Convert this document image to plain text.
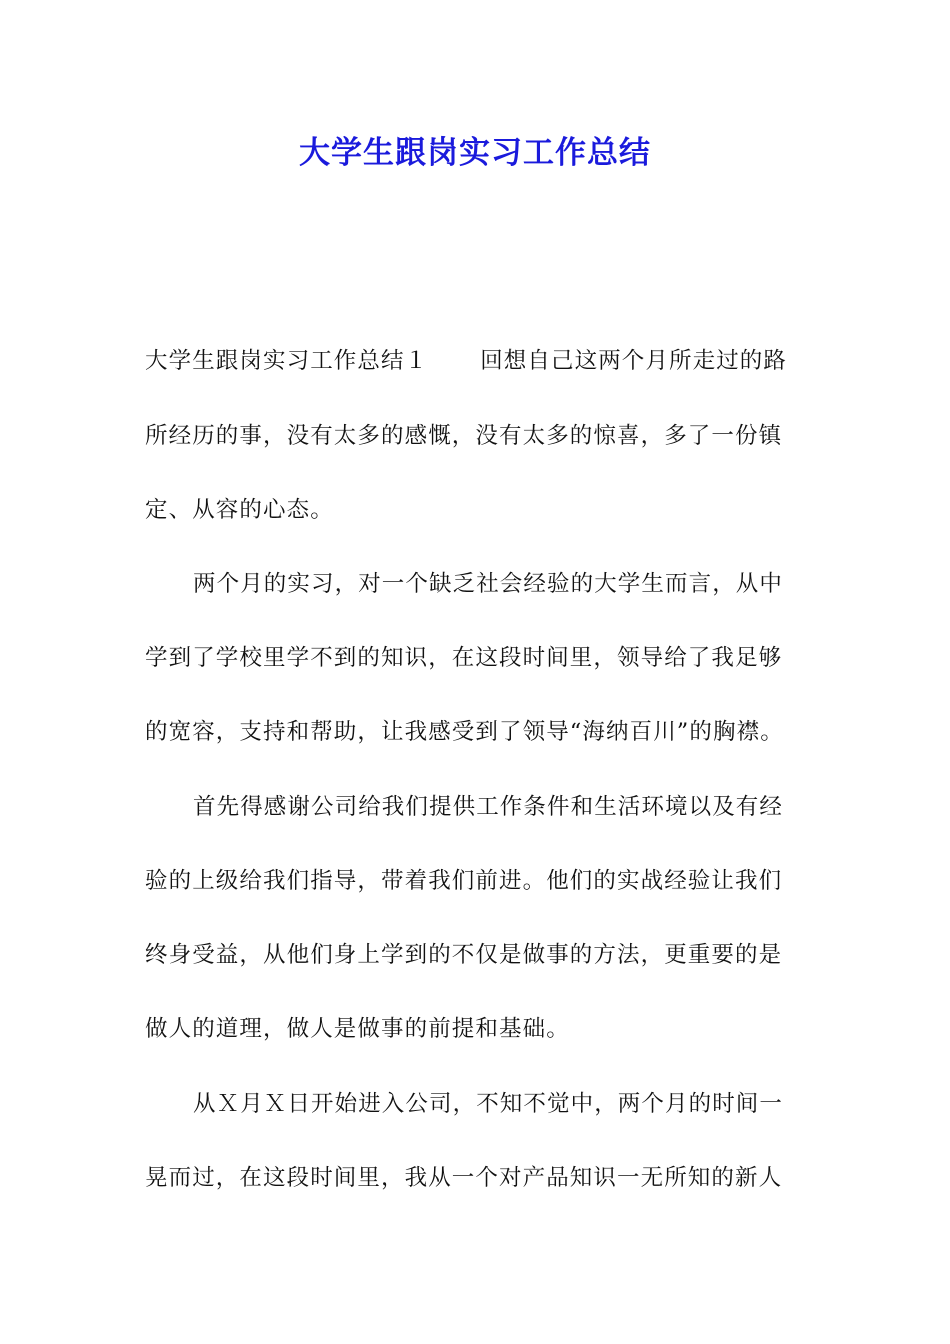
大学生跟岗实习工作总结
大学生跟岗实习工作总结１ 回想自己这两个月所走过的路
所经历的事，没有太多的感慨，没有太多的惊喜，多了一份镇
定、从容的心态。
两个月的实习，对一个缺乏社会经验的大学生而言，从中
学到了学校里学不到的知识，在这段时间里，领导给了我足够
的宽容，支持和帮助，让我感受到了领导“海纳百川”的胸襟。
首先得感谢公司给我们提供工作条件和生活环境以及有经
验的上级给我们指导，带着我们前进。他们的实战经验让我们
终身受益，从他们身上学到的不仅是做事的方法，更重要的是
做人的道理，做人是做事的前提和基础。
从Ｘ月Ｘ日开始进入公司，不知不觉中，两个月的时间一
晃而过，在这段时间里，我从一个对产品知识一无所知的新人
